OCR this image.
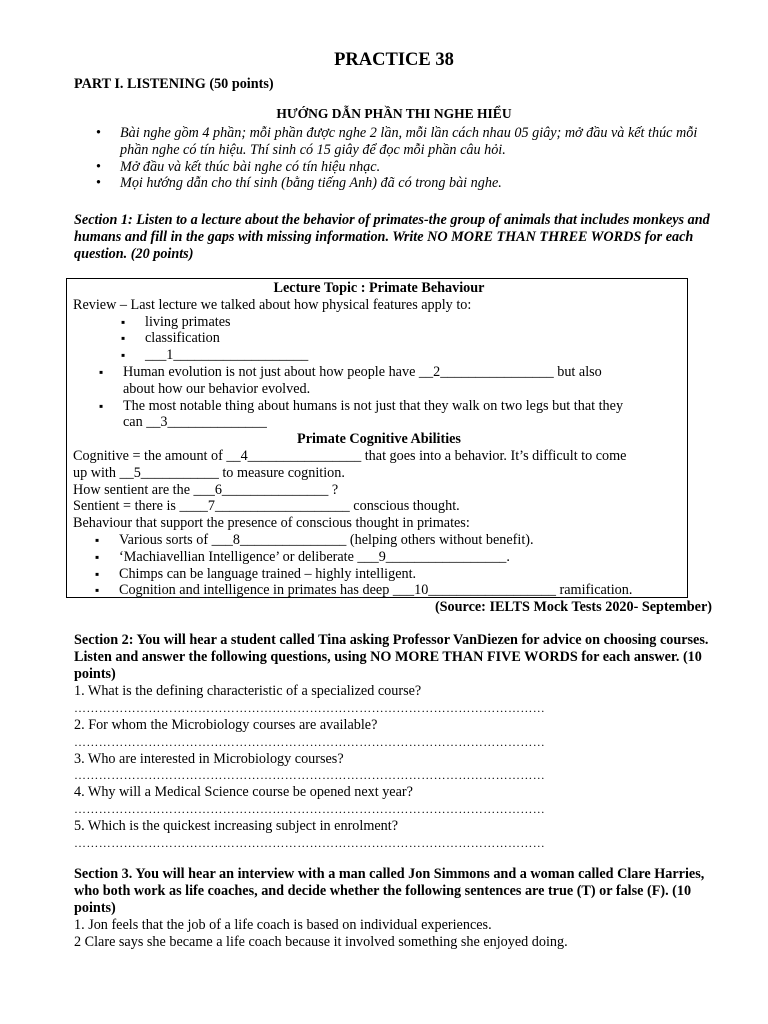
PRACTICE 38
PART I. LISTENING (50 points)
HƯỚNG DẪN PHẦN THI NGHE HIỂU
• Bài nghe gồm 4 phần; mỗi phần được nghe 2 lần, mỗi lần cách nhau 05 giây; mở đầu và kết thúc mỗi phần nghe có tín hiệu. Thí sinh có 15 giây để đọc mỗi phần câu hỏi.
• Mở đầu và kết thúc bài nghe có tín hiệu nhạc.
• Mọi hướng dẫn cho thí sinh (bằng tiếng Anh) đã có trong bài nghe.
Section 1: Listen to a lecture about the behavior of primates-the group of animals that includes monkeys and humans and fill in the gaps with missing information. Write NO MORE THAN THREE WORDS for each question. (20 points)
Lecture Topic : Primate Behaviour
Review – Last lecture we talked about how physical features apply to:
▪ living primates
▪ classification
▪ ___1___________________
▪ Human evolution is not just about how people have __2________________ but also
about how our behavior evolved.
▪ The most notable thing about humans is not just that they walk on two legs but that they
can __3______________
Primate Cognitive Abilities
Cognitive = the amount of __4________________ that goes into a behavior. It’s difficult to come
up with __5___________ to measure cognition.
How sentient are the ___6_______________ ?
Sentient = there is ____7___________________ conscious thought.
Behaviour that support the presence of conscious thought in primates:
▪ Various sorts of ___8_______________ (helping others without benefit).
▪ ‘Machiavellian Intelligence’ or deliberate ___9_________________.
▪ Chimps can be language trained – highly intelligent.
▪ Cognition and intelligence in primates has deep ___10__________________ ramification.
(Source: IELTS Mock Tests 2020- September)
Section 2: You will hear a student called Tina asking Professor VanDiezen for advice on choosing courses. Listen and answer the following questions, using NO MORE THAN FIVE WORDS for each answer. (10 points)
1. What is the defining characteristic of a specialized course?
……………………………………………………………………………………………………
2. For whom the Microbiology courses are available?
……………………………………………………………………………………………………
3. Who are interested in Microbiology courses?
……………………………………………………………………………………………………
4. Why will a Medical Science course be opened next year?
……………………………………………………………………………………………………
5. Which is the quickest increasing subject in enrolment?
……………………………………………………………………………………………………
Section 3. You will hear an interview with a man called Jon Simmons and a woman called Clare Harries, who both work as life coaches, and decide whether the following sentences are true (T) or false (F). (10 points)
1. Jon feels that the job of a life coach is based on individual experiences.
2 Clare says she became a life coach because it involved something she enjoyed doing.
